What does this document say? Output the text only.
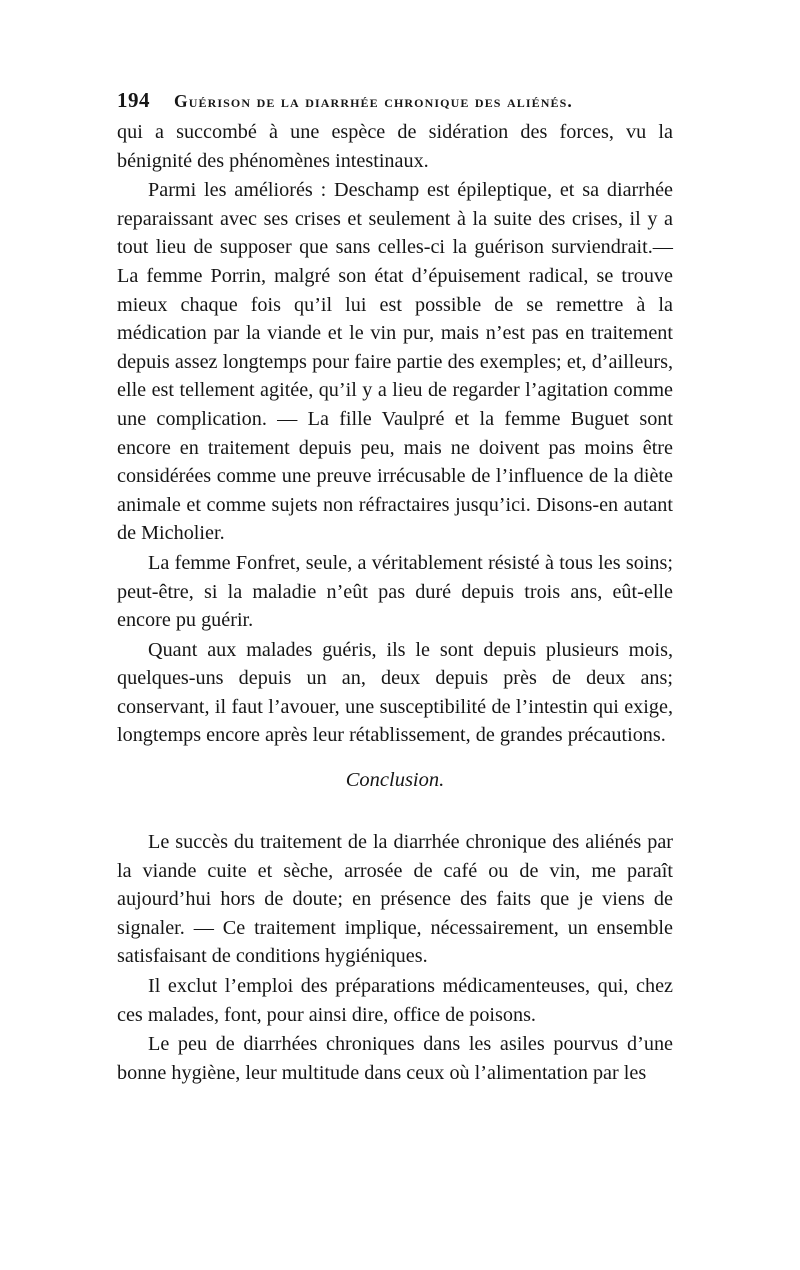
194 Guérison de la diarrhée chronique des aliénés.

qui a succombé à une espèce de sidération des forces, vu la bénignité des phénomènes intestinaux.

Parmi les améliorés : Deschamp est épileptique, et sa diarrhée reparaissant avec ses crises et seulement à la suite des crises, il y a tout lieu de supposer que sans celles-ci la guérison surviendrait.— La femme Porrin, malgré son état d’épuisement radical, se trouve mieux chaque fois qu’il lui est possible de se remettre à la médication par la viande et le vin pur, mais n’est pas en traitement depuis assez longtemps pour faire partie des exemples; et, d’ailleurs, elle est tellement agitée, qu’il y a lieu de regarder l’agitation comme une complication. — La fille Vaulpré et la femme Buguet sont encore en traitement depuis peu, mais ne doivent pas moins être considérées comme une preuve irrécusable de l’influence de la diète animale et comme sujets non réfractaires jusqu’ici. Disons-en autant de Micholier.

La femme Fonfret, seule, a véritablement résisté à tous les soins; peut-être, si la maladie n’eût pas duré depuis trois ans, eût-elle encore pu guérir.

Quant aux malades guéris, ils le sont depuis plusieurs mois, quelques-uns depuis un an, deux depuis près de deux ans; conservant, il faut l’avouer, une susceptibilité de l’intestin qui exige, longtemps encore après leur rétablissement, de grandes précautions.

Conclusion.

Le succès du traitement de la diarrhée chronique des aliénés par la viande cuite et sèche, arrosée de café ou de vin, me paraît aujourd’hui hors de doute; en présence des faits que je viens de signaler. — Ce traitement implique, nécessairement, un ensemble satisfaisant de conditions hygiéniques.

Il exclut l’emploi des préparations médicamenteuses, qui, chez ces malades, font, pour ainsi dire, office de poisons.

Le peu de diarrhées chroniques dans les asiles pourvus d’une bonne hygiène, leur multitude dans ceux où l’alimentation par les
